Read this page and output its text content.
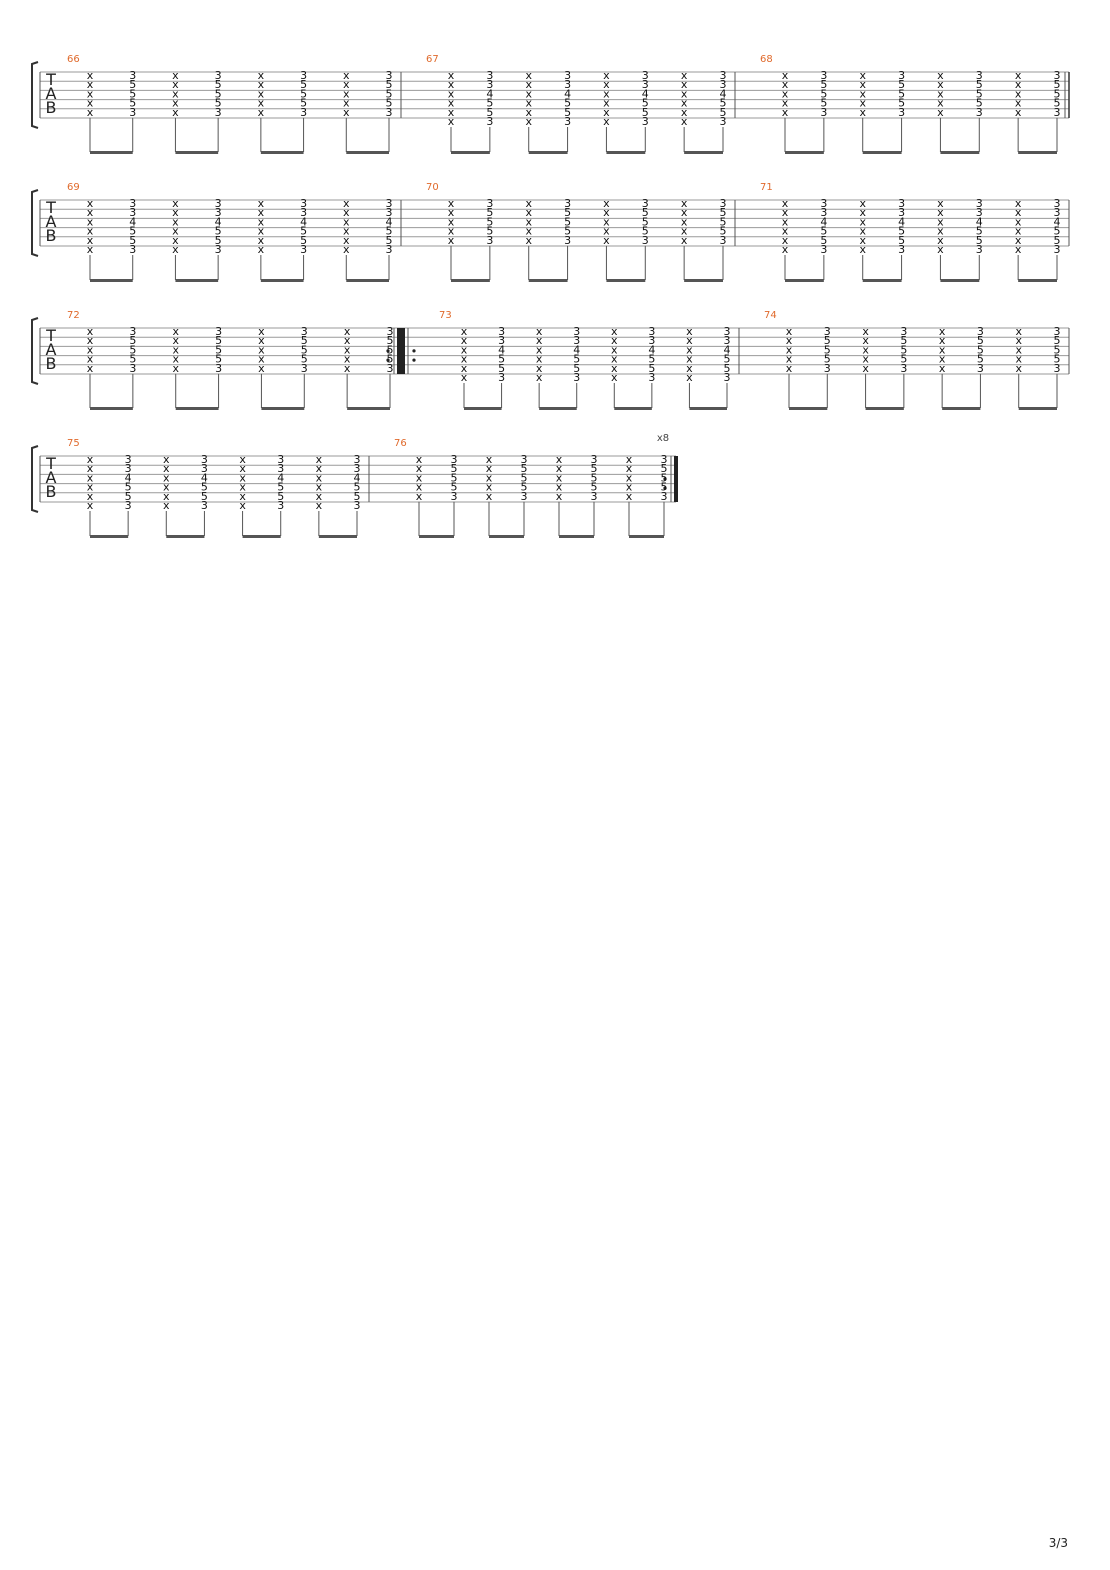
T
A
B
66
x
x
x
x
x
3
5
5
5
3
x
x
x
x
x
3
5
5
5
3
x
x
x
x
x
3
5
5
5
3
x
x
x
x
x
3
5
5
5
3
67
x
x
x
x
x
x
3
3
4
5
5
3
x
x
x
x
x
x
3
3
4
5
5
3
x
x
x
x
x
x
3
3
4
5
5
3
x
x
x
x
x
x
3
3
4
5
5
3
68
x
x
x
x
x
3
5
5
5
3
x
x
x
x
x
3
5
5
5
3
x
x
x
x
x
3
5
5
5
3
x
x
x
x
x
3
5
5
5
3
T
A
B
69
x
x
x
x
x
x
3
3
4
5
5
3
x
x
x
x
x
x
3
3
4
5
5
3
x
x
x
x
x
x
3
3
4
5
5
3
x
x
x
x
x
x
3
3
4
5
5
3
70
x
x
x
x
x
3
5
5
5
3
x
x
x
x
x
3
5
5
5
3
x
x
x
x
x
3
5
5
5
3
x
x
x
x
x
3
5
5
5
3
71
x
x
x
x
x
x
3
3
4
5
5
3
x
x
x
x
x
x
3
3
4
5
5
3
x
x
x
x
x
x
3
3
4
5
5
3
x
x
x
x
x
x
3
3
4
5
5
3
T
A
B
72
x
x
x
x
x
3
5
5
5
3
x
x
x
x
x
3
5
5
5
3
x
x
x
x
x
3
5
5
5
3
x
x
x
x
x
3
5
5
5
3
73
x
x
x
x
x
x
3
3
4
5
5
3
x
x
x
x
x
x
3
3
4
5
5
3
x
x
x
x
x
x
3
3
4
5
5
3
x
x
x
x
x
x
3
3
4
5
5
3
74
x
x
x
x
x
3
5
5
5
3
x
x
x
x
x
3
5
5
5
3
x
x
x
x
x
3
5
5
5
3
x
x
x
x
x
3
5
5
5
3
T
A
B
75
x
x
x
x
x
x
3
3
4
5
5
3
x
x
x
x
x
x
3
3
4
5
5
3
x
x
x
x
x
x
3
3
4
5
5
3
x
x
x
x
x
x
3
3
4
5
5
3
76
x
x
x
x
x
3
5
5
5
3
x
x
x
x
x
3
5
5
5
3
x
x
x
x
x
3
5
5
5
3
x
x
x
x
x
3
5
5
5
3
x8
3/3
